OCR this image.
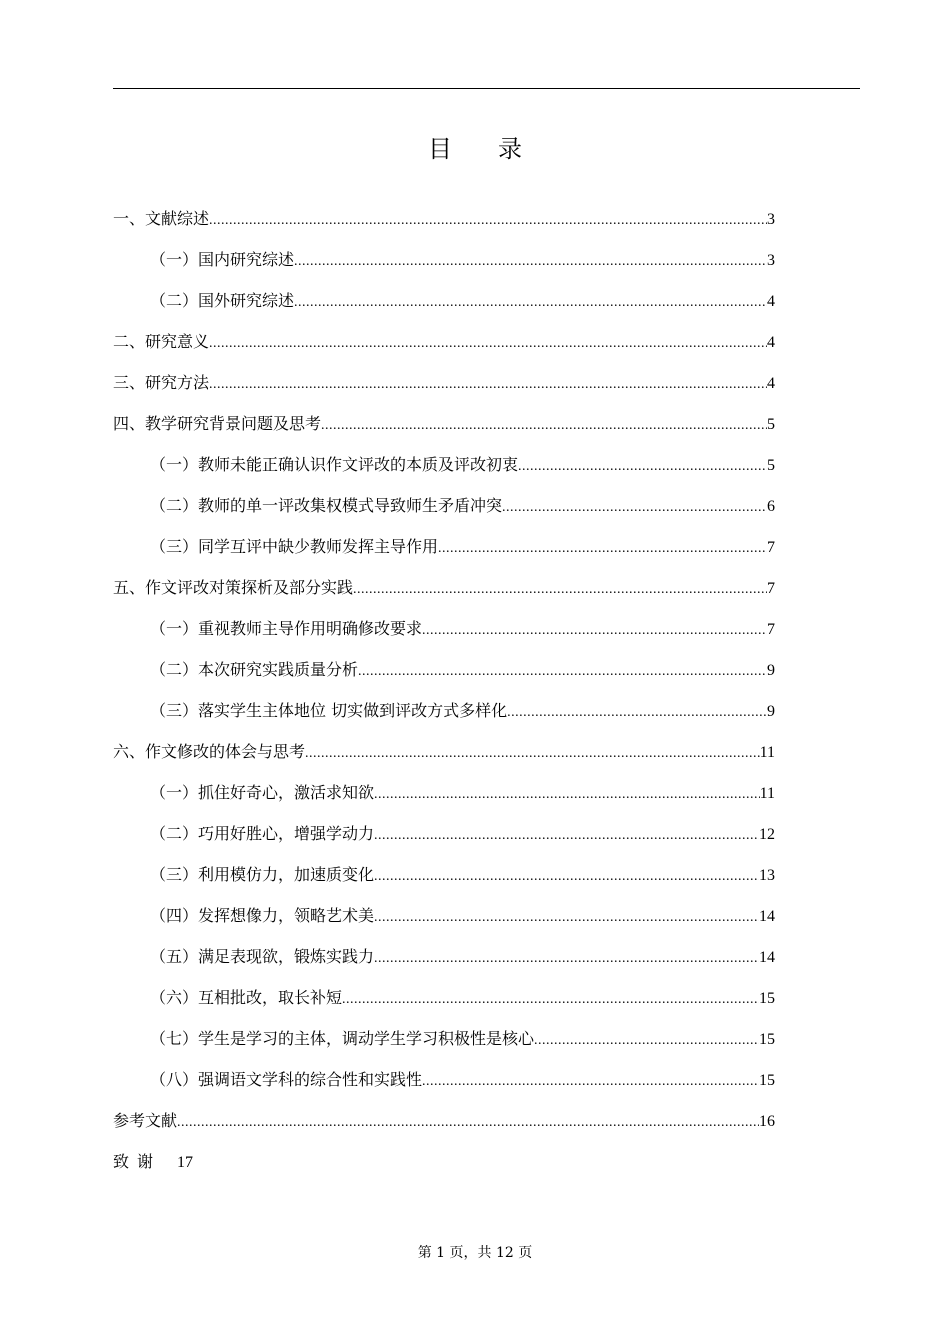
目录
一、文献综述 .....	3
（一）国内研究综述 .....	3
（二）国外研究综述 .....	4
二、研究意义 .....	4
三、研究方法 .....	4
四、教学研究背景问题及思考 .....	5
（一）教师未能正确认识作文评改的本质及评改初衷 .....	5
（二）教师的单一评改集权模式导致师生矛盾冲突 .....	6
（三）同学互评中缺少教师发挥主导作用 .....	7
五、作文评改对策探析及部分实践 .....	7
（一）重视教师主导作用明确修改要求 .....	7
（二）本次研究实践质量分析 .....	9
（三）落实学生主体地位 切实做到评改方式多样化 .....	9
六、作文修改的体会与思考 .....	11
（一）抓住好奇心，激活求知欲 .....	11
（二）巧用好胜心，增强学动力 .....	12
（三）利用模仿力，加速质变化 .....	13
（四）发挥想像力，领略艺术美 .....	14
（五）满足表现欲，锻炼实践力 .....	14
（六）互相批改，取长补短 .....	15
（七）学生是学习的主体，调动学生学习积极性是核心 .....	15
（八）强调语文学科的综合性和实践性 .....	15
参考文献 .....	16
致谢 17
第 1 页，共 12 页
